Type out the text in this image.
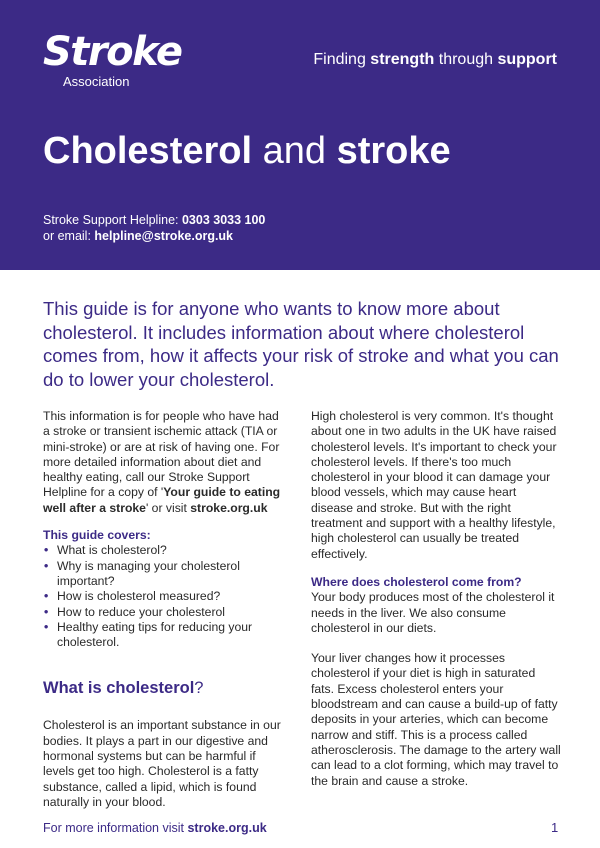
Stroke
Association
Finding strength through support
Cholesterol and stroke
Stroke Support Helpline: 0303 3033 100
or email: helpline@stroke.org.uk
This guide is for anyone who wants to know more about cholesterol. It includes information about where cholesterol comes from, how it affects your risk of stroke and what you can do to lower your cholesterol.

This information is for people who have had a stroke or transient ischemic attack (TIA or mini-stroke) or are at risk of having one. For more detailed information about diet and healthy eating, call our Stroke Support Helpline for a copy of 'Your guide to eating well after a stroke' or visit stroke.org.uk

This guide covers:

• What is cholesterol?
• Why is managing your cholesterol important?
• How is cholesterol measured?
• How to reduce your cholesterol
• Healthy eating tips for reducing your cholesterol.

What is cholesterol?

Cholesterol is an important substance in our bodies. It plays a part in our digestive and hormonal systems but can be harmful if levels get too high. Cholesterol is a fatty substance, called a lipid, which is found naturally in your blood.

High cholesterol is very common. It's thought about one in two adults in the UK have raised cholesterol levels. It's important to check your cholesterol levels. If there's too much cholesterol in your blood it can damage your blood vessels, which may cause heart disease and stroke. But with the right treatment and support with a healthy lifestyle, high cholesterol can usually be treated effectively.

Where does cholesterol come from?

Your body produces most of the cholesterol it needs in the liver. We also consume cholesterol in our diets.

Your liver changes how it processes cholesterol if your diet is high in saturated fats. Excess cholesterol enters your bloodstream and can cause a build-up of fatty deposits in your arteries, which can become narrow and stiff. This is a process called atherosclerosis. The damage to the artery wall can lead to a clot forming, which may travel to the brain and cause a stroke.

For more information visit stroke.org.uk	1
